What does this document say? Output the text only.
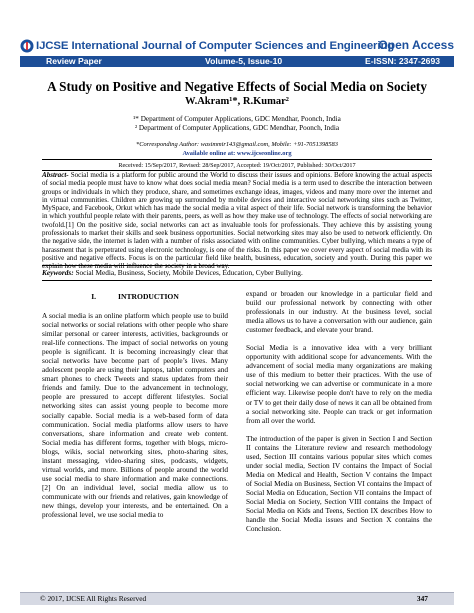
IJCSE International Journal of Computer Sciences and Engineering
Open Access
Review Paper	Volume-5, Issue-10	E-ISSN: 2347-2693
A Study on Positive and Negative Effects of Social Media on Society
W.Akram¹*, R.Kumar²
¹* Department of Computer Applications, GDC Mendhar, Poonch, India
² Department of Computer Applications, GDC Mendhar, Poonch, India
*Corresponding Author: wasimmir143@gmail.com, Mobile: +91-7051398583
Available online at: www.ijcseonline.org
Received: 15/Sep/2017, Revised: 28/Sep/2017, Accepted: 19/Oct/2017, Published: 30/Oct/2017
Abstract- Social media is a platform for public around the World to discuss their issues and opinions. Before knowing the actual aspects of social media people must have to know what does social media mean? Social media is a term used to describe the interaction between groups or individuals in which they produce, share, and sometimes exchange ideas, images, videos and many more over the internet and in virtual communities. Children are growing up surrounded by mobile devices and interactive social networking sites such as Twitter, MySpace, and Facebook, Orkut which has made the social media a vital aspect of their life. Social network is transforming the behavior in which youthful people relate with their parents, peers, as well as how they make use of technology. The effects of social networking are twofold.[1] On the positive side, social networks can act as invaluable tools for professionals. They achieve this by assisting young professionals to market their skills and seek business opportunities. Social networking sites may also be used to network efficiently. On the negative side, the internet is laden with a number of risks associated with online communities. Cyber bullying, which means a type of harassment that is perpetrated using electronic technology, is one of the risks. In this paper we cover every aspect of social media with its positive and negative effects. Focus is on the particular field like health, business, education, society and youth. During this paper we explain how these media will influence the society in a broad way.
Keywords: Social Media, Business, Society, Mobile Devices, Education, Cyber Bullying.
I.	INTRODUCTION

A social media is an online platform which people use to build social networks or social relations with other people who share similar personal or career interests, activities, backgrounds or real-life connections. The impact of social networks on young people is significant. It is becoming increasingly clear that social networks have become part of people’s lives. Many adolescent people are using their laptops, tablet computers and smart phones to check Tweets and status updates from their friends and family. Due to the advancement in technology, people are pressured to accept different lifestyles. Social networking sites can assist young people to become more socially capable. Social media is a web-based form of data communication. Social media platforms allow users to have conversations, share information and create web content. Social media has different forms, together with blogs, micro-blogs, wikis, social networking sites, photo-sharing sites, instant messaging, video-sharing sites, podcasts, widgets, virtual worlds, and more. Billions of people around the world use social media to share information and make connections.[2] On an individual level, social media allow us to communicate with our friends and relatives, gain knowledge of new things, develop your interests, and be entertained. On a professional level, we use social media to

expand or broaden our knowledge in a particular field and build our professional network by connecting with other professionals in our industry. At the business level, social media allows us to have a conversation with our audience, gain customer feedback, and elevate your brand.

Social Media is a innovative idea with a very brilliant opportunity with additional scope for advancements. With the advancement of social media many organizations are making use of this medium to better their practices. With the use of social networking we can advertise or communicate in a more efficient way. Likewise people don't have to rely on the media or TV to get their daily dose of news it can all be obtained from a social networking site. People can track or get information from all over the world.

The introduction of the paper is given in Section I and Section II contains the Literature review and research methodology used, Section III contains various popular sites which comes under social media, Section IV contains the Impact of Social Media on Medical and Health, Section V contains the Impact of Social Media on Business, Section VI contains the Impact of Social Media on Education, Section VII contains the Impact of Social Media on Society, Section VIII contains the Impact of Social Media on Kids and Teens, Section IX describes How to handle the Social Media issues and Section X contains the Conclusion.

© 2017, IJCSE All Rights Reserved	347
